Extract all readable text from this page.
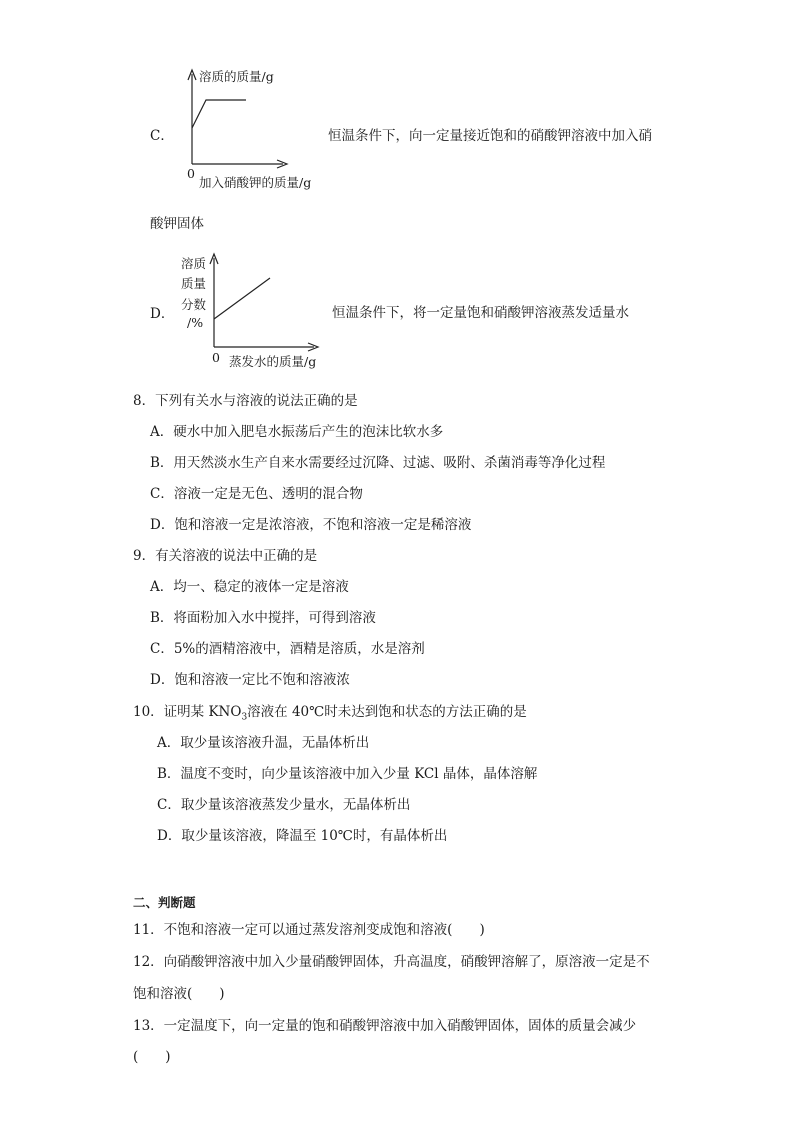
C．
溶质的质量/g
0
加入硝酸钾的质量/g
恒温条件下，向一定量接近饱和的硝酸钾溶液中加入硝
酸钾固体
D．
溶质
质量
分数
/%
0 蒸发水的质量/g
恒温条件下，将一定量饱和硝酸钾溶液蒸发适量水
8．下列有关水与溶液的说法正确的是
A．硬水中加入肥皂水振荡后产生的泡沫比软水多
B．用天然淡水生产自来水需要经过沉降、过滤、吸附、杀菌消毒等净化过程
C．溶液一定是无色、透明的混合物
D．饱和溶液一定是浓溶液，不饱和溶液一定是稀溶液
9．有关溶液的说法中正确的是
A．均一、稳定的液体一定是溶液
B．将面粉加入水中搅拌，可得到溶液
C．5%的酒精溶液中，酒精是溶质，水是溶剂
D．饱和溶液一定比不饱和溶液浓
10．证明某 $KNO_3$溶液在 40℃时未达到饱和状态的方法正确的是
A．取少量该溶液升温，无晶体析出
B．温度不变时，向少量该溶液中加入少量 KCl 晶体，晶体溶解
C．取少量该溶液蒸发少量水，无晶体析出
D．取少量该溶液，降温至 10℃时，有晶体析出
二、判断题
11．不饱和溶液一定可以通过蒸发溶剂变成饱和溶液(　　)
12．向硝酸钾溶液中加入少量硝酸钾固体，升高温度，硝酸钾溶解了，原溶液一定是不
饱和溶液(　　)
13．一定温度下，向一定量的饱和硝酸钾溶液中加入硝酸钾固体，固体的质量会减少
(　　)
